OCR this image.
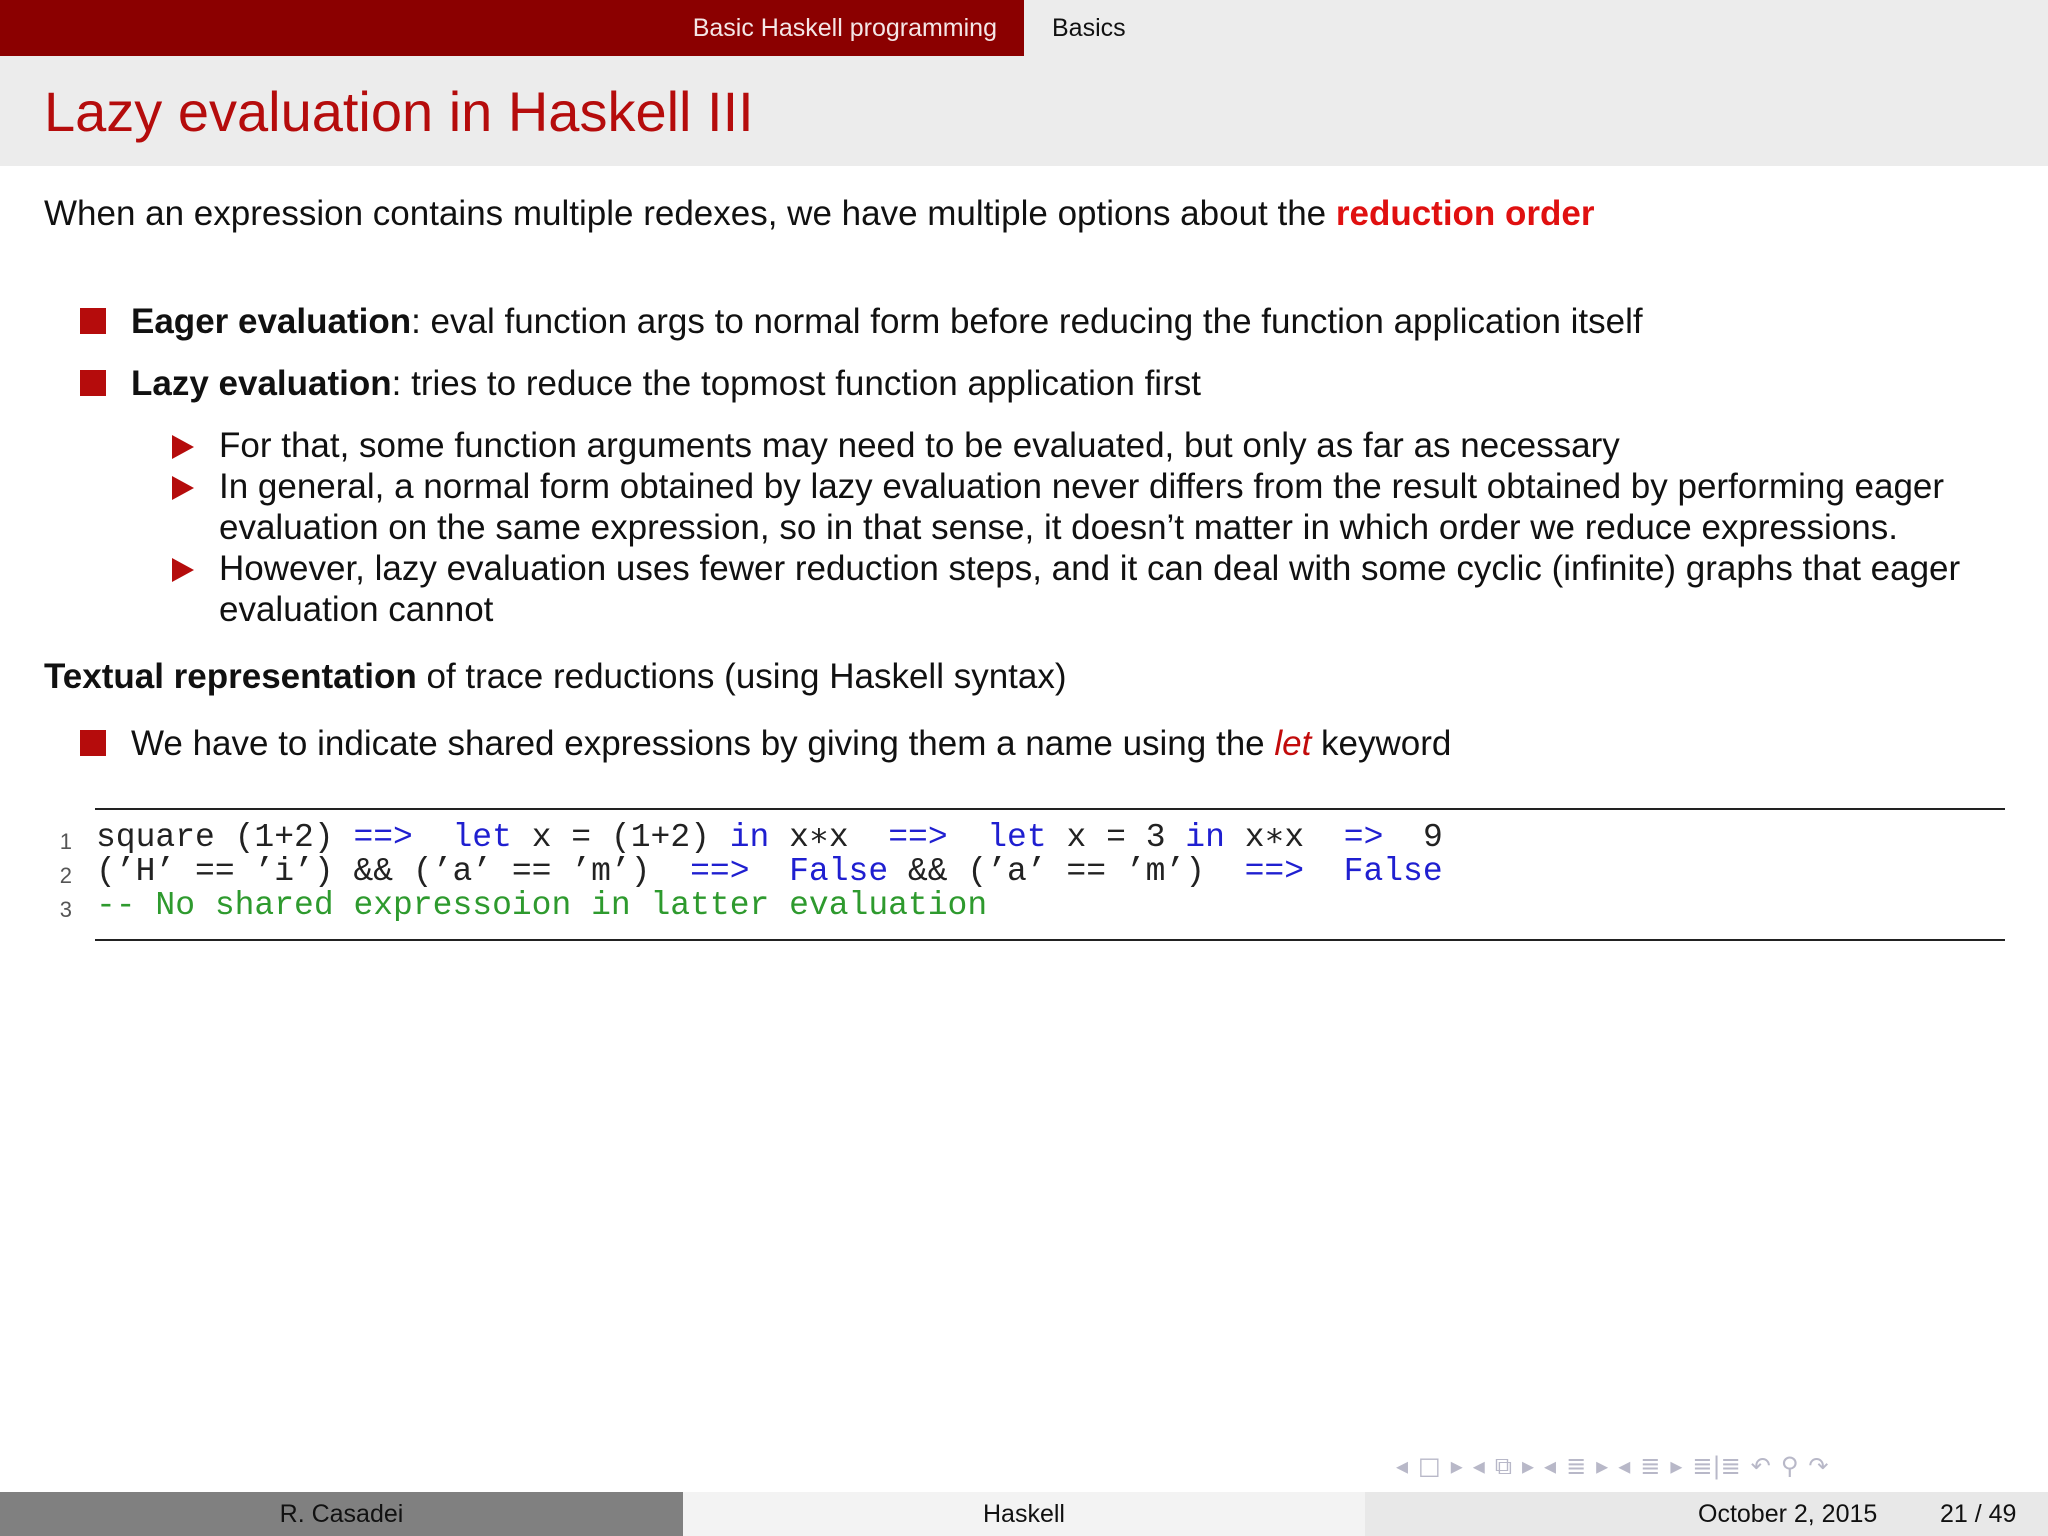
Basic Haskell programming Basics
Lazy evaluation in Haskell III
When an expression contains multiple redexes, we have multiple options about the reduction order
Eager evaluation: eval function args to normal form before reducing the function application itself
Lazy evaluation: tries to reduce the topmost function application first
For that, some function arguments may need to be evaluated, but only as far as necessary
In general, a normal form obtained by lazy evaluation never differs from the result obtained by performing eager
evaluation on the same expression, so in that sense, it doesn’t matter in which order we reduce expressions.
However, lazy evaluation uses fewer reduction steps, and it can deal with some cyclic (infinite) graphs that eager
evaluation cannot
Textual representation of trace reductions (using Haskell syntax)
We have to indicate shared expressions by giving them a name using the let keyword

1

square (1+2) ==>  let x = (1+2) in x∗x  ==>  let x = 3 in x∗x  =>  9

2

(’H’ == ’i’) && (’a’ == ’m’)  ==>  False && (’a’ == ’m’)  ==>  False

3

-- No shared expressoion in latter evaluation

◂ □ ▸ ◂ ⧉ ▸ ◂ ≣ ▸ ◂ ≣ ▸ ≣|≣ ↶ ⚲ ↷
R. Casadei	Haskell	October 2, 2015	21 / 49
